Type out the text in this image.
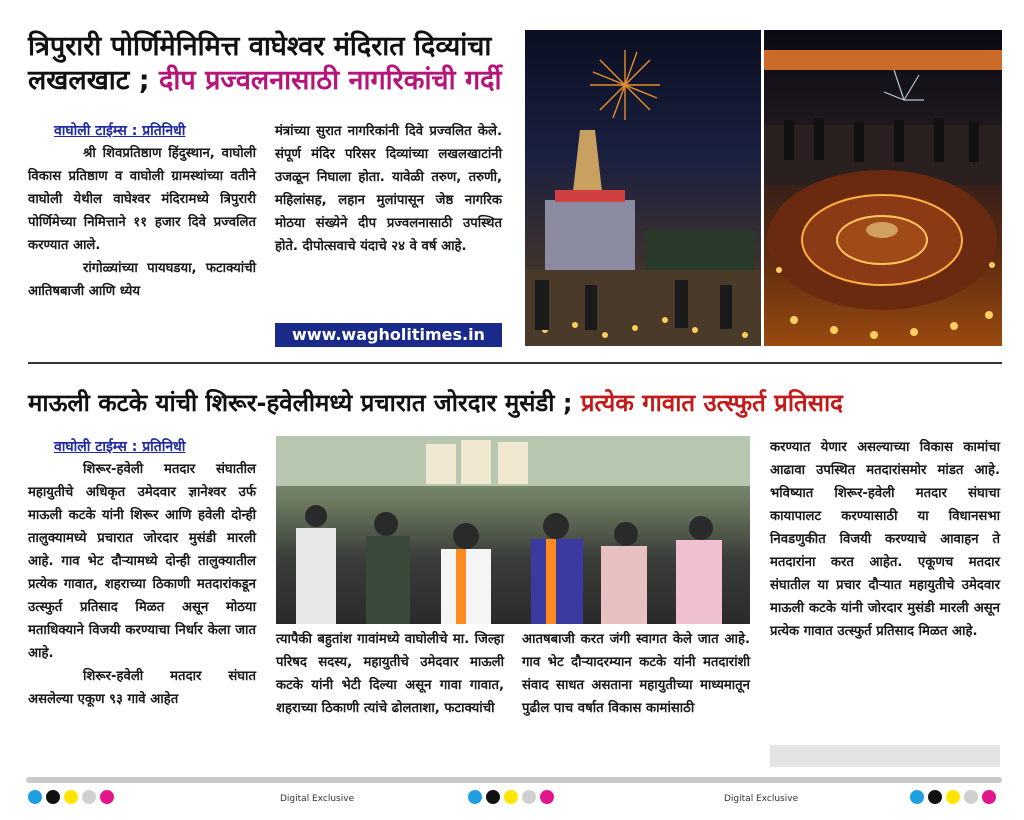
त्रिपुरारी पोर्णिमेनिमित्त वाघेश्वर मंदिरात दिव्यांचा लखलखाट ; दीप प्रज्वलनासाठी नागरिकांची गर्दी
वाघोली टाईम्स : प्रतिनिधी

श्री शिवप्रतिष्ठाण हिंदुस्थान, वाघोली विकास प्रतिष्ठाण व वाघोली ग्रामस्थांच्या वतीने वाघोली येथील वाघेश्वर मंदिरामध्ये त्रिपुरारी पोर्णिमेच्या निमित्ताने ११ हजार दिवे प्रज्वलित करण्यात आले.

रांगोळ्यांच्या पायघडया, फटाक्यांची आतिषबाजी आणि ध्येय

मंत्रांच्या सुरात नागरिकांनी दिवे प्रज्वलित केले. संपूर्ण मंदिर परिसर दिव्यांच्या लखलखाटांनी उजळून निघाला होता. यावेळी तरुण, तरुणी, महिलांसह, लहान मुलांपासून जेष्ठ नागरिक मोठया संख्येने दीप प्रज्वलनासाठी उपस्थित होते. दीपोत्सवाचे यंदाचे २४ वे वर्ष आहे.

www.wagholitimes.in
माऊली कटके यांची शिरूर-हवेलीमध्ये प्रचारात जोरदार मुसंडी ; प्रत्येक गावात उत्स्फुर्त प्रतिसाद
वाघोली टाईम्स : प्रतिनिधी

शिरूर-हवेली मतदार संघातील महायुतीचे अधिकृत उमेदवार ज्ञानेश्वर उर्फ माऊली कटके यांनी शिरूर आणि हवेली दोन्ही तालुक्यामध्ये प्रचारात जोरदार मुसंडी मारली आहे. गाव भेट दौऱ्यामध्ये दोन्ही तालुक्यातील प्रत्येक गावात, शहराच्या ठिकाणी मतदारांकडून उत्स्फुर्त प्रतिसाद मिळत असून मोठया मताधिक्याने विजयी करण्याचा निर्धार केला जात आहे.

शिरूर-हवेली मतदार संघात असलेल्या एकूण ९३ गावे आहेत

त्यापैकी बहुतांश गावांमध्ये वाघोलीचे मा. जिल्हा परिषद सदस्य, महायुतीचे उमेदवार माऊली कटके यांनी भेटी दिल्या असून गावा गावात, शहराच्या ठिकाणी त्यांचे ढोलताशा, फटाक्यांची

आतषबाजी करत जंगी स्वागत केले जात आहे. गाव भेट दौऱ्यादरम्यान कटके यांनी मतदारांशी संवाद साधत असताना महायुतीच्या माध्यमातून पुढील पाच वर्षात विकास कामांसाठी

करण्यात येणार असल्याच्या विकास कामांचा आढावा उपस्थित मतदारांसमोर मांडत आहे. भविष्यात शिरूर-हवेली मतदार संघाचा कायापालट करण्यासाठी या विधानसभा निवडणुकीत विजयी करण्याचे आवाहन ते मतदारांना करत आहेत. एकूणच मतदार संघातील या प्रचार दौऱ्यात महायुतीचे उमेदवार माऊली कटके यांनी जोरदार मुसंडी मारली असून प्रत्येक गावात उत्स्फुर्त प्रतिसाद मिळत आहे.

Digital Exclusive	Digital Exclusive
